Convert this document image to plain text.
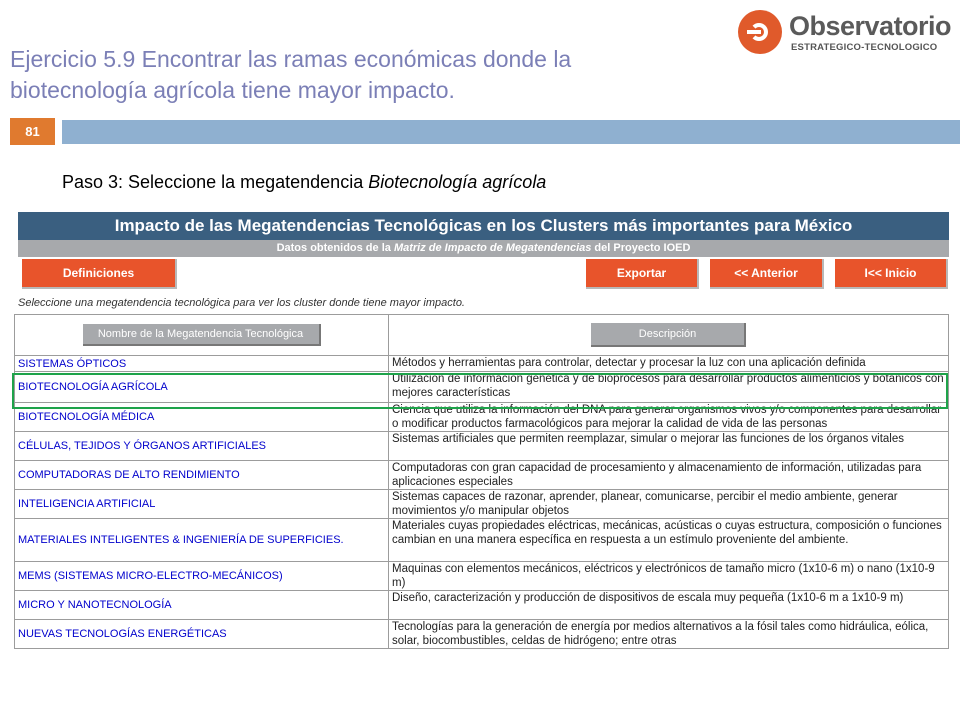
Ejercicio 5.9 Encontrar las ramas económicas donde la biotecnología agrícola tiene mayor impacto.
Observatorio
ESTRATEGICO-TECNOLOGICO
81
Paso 3: Seleccione la megatendencia Biotecnología agrícola
Impacto de las Megatendencias Tecnológicas en los Clusters más importantes para México
Datos obtenidos de la Matriz de Impacto de Megatendencias del Proyecto IOED
Definiciones	Exportar	<< Anterior	I<< Inicio
Seleccione una megatendencia tecnológica para ver los cluster donde tiene mayor impacto.
Nombre de la Megatendencia Tecnológica	Descripción
SISTEMAS ÓPTICOS	Métodos y herramientas para controlar, detectar y procesar la luz con una aplicación definida
BIOTECNOLOGÍA AGRÍCOLA	Utilización de información genética y de bioprocesos para desarrollar productos alimenticios y botánicos con mejores características
BIOTECNOLOGÍA MÉDICA	Ciencia que utiliza la información del DNA para generar organismos vivos y/o componentes para desarrollar o modificar productos farmacológicos para mejorar la calidad de vida de las personas
CÉLULAS, TEJIDOS Y ÓRGANOS ARTIFICIALES	Sistemas artificiales que permiten reemplazar, simular o mejorar las funciones de los órganos vitales
COMPUTADORAS DE ALTO RENDIMIENTO	Computadoras con gran capacidad de procesamiento y almacenamiento de información, utilizadas para aplicaciones especiales
INTELIGENCIA ARTIFICIAL	Sistemas capaces de razonar, aprender, planear, comunicarse, percibir el medio ambiente, generar movimientos y/o manipular objetos
MATERIALES INTELIGENTES & INGENIERÍA DE SUPERFICIES.	Materiales cuyas propiedades eléctricas, mecánicas, acústicas o cuyas estructura, composición o funciones cambian en una manera específica en respuesta a un estímulo proveniente del ambiente.
MEMS (SISTEMAS MICRO-ELECTRO-MECÁNICOS)	Maquinas con elementos mecánicos, eléctricos y electrónicos de tamaño micro (1x10-6 m) o nano (1x10-9 m)
MICRO Y NANOTECNOLOGÍA	Diseño, caracterización y producción de dispositivos de escala muy pequeña (1x10-6 m a 1x10-9 m)
NUEVAS TECNOLOGÍAS ENERGÉTICAS	Tecnologías para la generación de energía por medios alternativos a la fósil tales como hidráulica, eólica, solar, biocombustibles, celdas de hidrógeno; entre otras
